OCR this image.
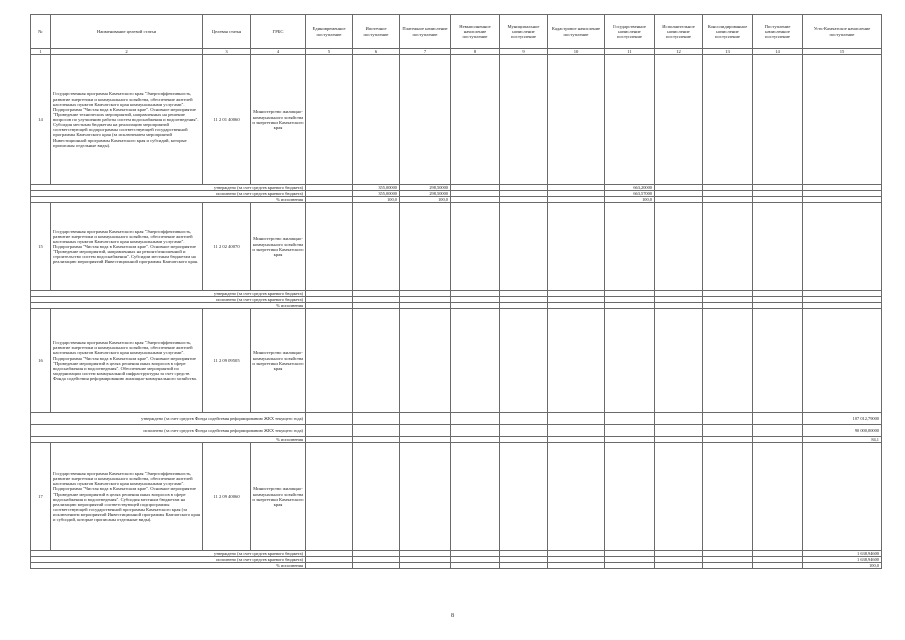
№	Наименование целевой статьи	Целевая статья	ГРБС	Единовременное поступление	Ипотечное поступление	Платежное начисление поступление	Невыполненное начисление поступление	Муниципальное начисление поступление	Кадастровое начисление поступление	Государственное начисление поступление	Исполнительное начисление поступление	Консолидированное начисление поступление	Поступление начисленное поступление	Усть-Камчатское начисление поступление
1	2	3	4	5	6	7	8	9	10	11	12	13	14	15
14	Государственная программа Камчатского края "Энергоэффективность, развитие энергетики и коммунального хозяйства, обеспечение жителей населенных пунктов Камчатского края коммунальными услугами". Подпрограмма "Чистая вода в Камчатском крае". Основное мероприятие "Проведение технических мероприятий, направленных на решение вопросов по улучшению работы систем водоснабжения и водоотведения". Субсидия местным бюджетам на реализацию мероприятий соответствующей подпрограммы соответствующей государственной программы Камчатского края (за исключением мероприятий Инвестиционной программы Камчатского края и субсидий, которые прописаны отдельные виды).	11 2 01 40060	Министерство жилищно-коммунального хозяйства и энергетики Камчатского края											
утверждено (за счет средств краевого бюджета)					355,00000	298,50000				663,20000				
исполнено (за счет средств краевого бюджета)					355,00000	298,50000				663,57000				
% исполнения					100,0	100,0				100,0				
15	Государственная программа Камчатского края "Энергоэффективность, развитие энергетики и коммунального хозяйства, обеспечение жителей населенных пунктов Камчатского края коммунальными услугами". Подпрограмма "Чистая вода в Камчатском крае". Основное мероприятие "Проведение мероприятий, направленных на ремонт/изношенной и строительство систем водоснабжения". Субсидии местным бюджетам на реализацию мероприятий Инвестиционной программы Камчатского края.	11 2 02 40070	Министерство жилищно-коммунального хозяйства и энергетики Камчатского края											
утверждено (за счет средств краевого бюджета)														
исполнено (за счет средств краевого бюджета)														
% исполнения														
16	Государственная программа Камчатского края "Энергоэффективность, развитие энергетики и коммунального хозяйства, обеспечение жителей населенных пунктов Камчатского края коммунальными услугами". Подпрограмма "Чистая вода в Камчатском крае". Основное мероприятие "Проведение мероприятий в целях решения иных вопросов в сфере водоснабжения и водоотведения". Обеспечение мероприятий по модернизации систем коммунальной инфраструктуры за счет средств Фонда содействия реформированию жилищно-коммунального хозяйства.	11 2 09 09505	Министерство жилищно-коммунального хозяйства и энергетики Камчатского края											
утверждено (за счет средств Фонда содействия реформированию ЖКХ текущего года)														107 012,79000
исполнено (за счет средств Фонда содействия реформированию ЖКХ текущего года)														90 000,00000
% исполнения														84,1
17	Государственная программа Камчатского края "Энергоэффективность, развитие энергетики и коммунального хозяйства, обеспечение жителей населенных пунктов Камчатского края коммунальными услугами". Подпрограмма "Чистая вода в Камчатском крае". Основное мероприятие "Проведение мероприятий в целях решения иных вопросов в сфере водоснабжения и водоотведения". Субсидия местным бюджетам на реализацию мероприятий соответствующей подпрограммы соответствующей государственной программы Камчатского края (за исключением мероприятий Инвестиционной программы Камчатского края и субсидий, которые прописаны отдельные виды).	11 2 09 40060	Министерство жилищно-коммунального хозяйства и энергетики Камчатского края											
утверждено (за счет средств краевого бюджета)														1 638,94600
исполнено (за счет средств краевого бюджета)														1 638,94600
% исполнения														100,0
8
